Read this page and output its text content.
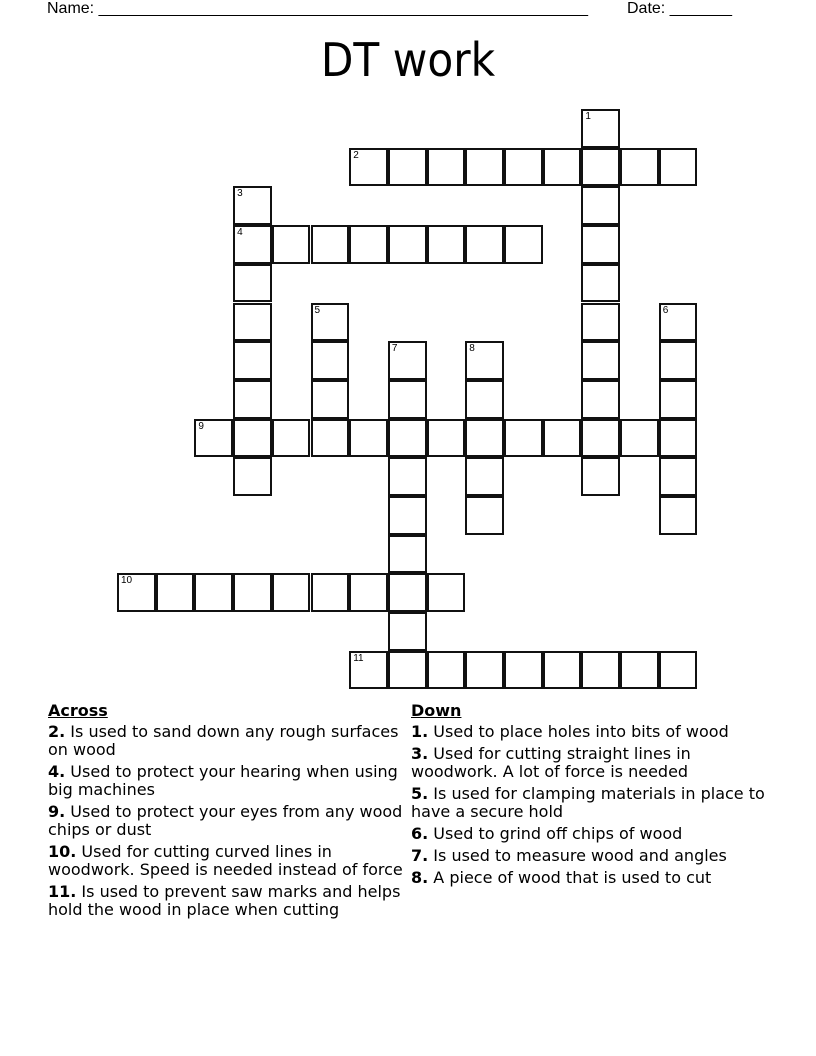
Name: _______________________________________________________ Date: _______
DT work
1
2
3
4
5	6
7	8
9
10
11
Across
2. Is used to sand down any rough surfaces on wood
4. Used to protect your hearing when using big machines
9. Used to protect your eyes from any wood chips or dust
10. Used for cutting curved lines in woodwork. Speed is needed instead of force
11. Is used to prevent saw marks and helps hold the wood in place when cutting
Down
1. Used to place holes into bits of wood
3. Used for cutting straight lines in woodwork. A lot of force is needed
5. Is used for clamping materials in place to have a secure hold
6. Used to grind off chips of wood
7. Is used to measure wood and angles
8. A piece of wood that is used to cut
